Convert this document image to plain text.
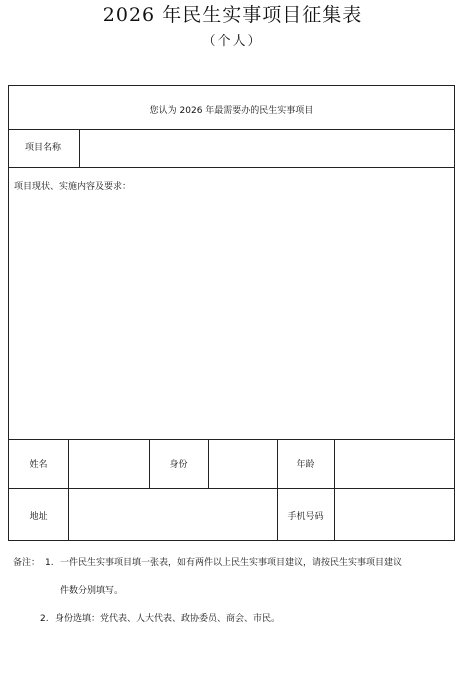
2026 年民生实事项目征集表
（个人）
您认为 2026 年最需要办的民生实事项目
项目名称
项目现状、实施内容及要求：
姓名	身份	年龄
地址	手机号码
备注： 1. 一件民生实事项目填一张表，如有两件以上民生实事项目建议，请按民生实事项目建议
件数分别填写。
2. 身份选填：党代表、人大代表、政协委员、商会、市民。
